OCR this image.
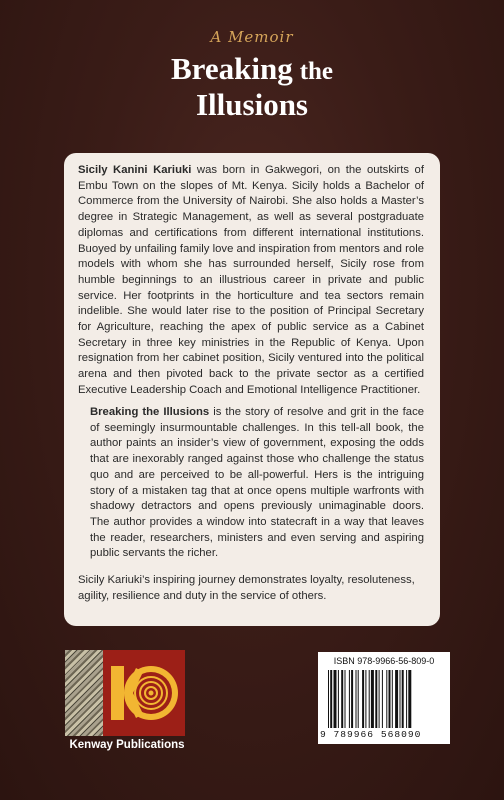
A Memoir
Breaking the
Illusions

Sicily Kanini Kariuki was born in Gakwegori, on the outskirts of Embu Town on the slopes of Mt. Kenya. Sicily holds a Bachelor of Commerce from the University of Nairobi. She also holds a Master’s degree in Strategic Management, as well as several postgraduate diplomas and certifications from different international institutions. Buoyed by unfailing family love and inspiration from mentors and role models with whom she has surrounded herself, Sicily rose from humble beginnings to an illustrious career in private and public service. Her footprints in the horticulture and tea sectors remain indelible. She would later rise to the position of Principal Secretary for Agriculture, reaching the apex of public service as a Cabinet Secretary in three key ministries in the Republic of Kenya. Upon resignation from her cabinet position, Sicily ventured into the political arena and then pivoted back to the private sector as a certified Executive Leadership Coach and Emotional Intelligence Practitioner.

Breaking the Illusions is the story of resolve and grit in the face of seemingly insurmountable challenges. In this tell-all book, the author paints an insider’s view of government, exposing the odds that are inexorably ranged against those who challenge the status quo and are perceived to be all-powerful. Hers is the intriguing story of a mistaken tag that at once opens multiple warfronts with shadowy detractors and opens previously unimaginable doors. The author provides a window into statecraft in a way that leaves the reader, researchers, ministers and even serving and aspiring public servants the richer.

Sicily Kariuki’s inspiring journey demonstrates loyalty, resoluteness, agility, resilience and duty in the service of others.

Kenway Publications
ISBN 978-9966-56-809-0
9 789966 568090
